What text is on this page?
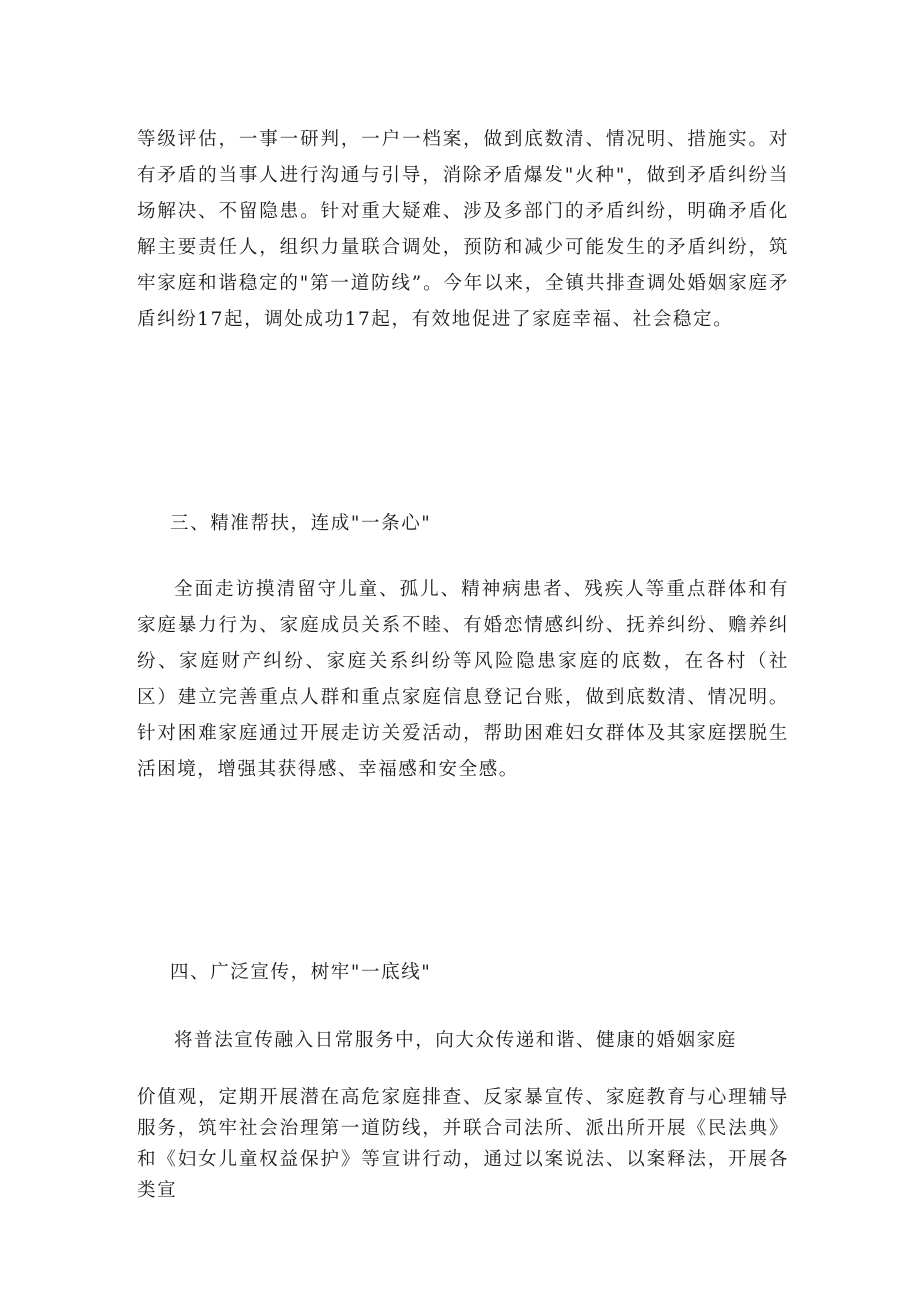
等级评估，一事一研判，一户一档案，做到底数清、情况明、措施实。对有矛盾的当事人进行沟通与引导，消除矛盾爆发"火种"，做到矛盾纠纷当场解决、不留隐患。针对重大疑难、涉及多部门的矛盾纠纷，明确矛盾化解主要责任人，组织力量联合调处，预防和减少可能发生的矛盾纠纷，筑牢家庭和谐稳定的"第一道防线”。今年以来，全镇共排查调处婚姻家庭矛盾纠纷17起，调处成功17起，有效地促进了家庭幸福、社会稳定。

三、精准帮扶，连成"一条心"

全面走访摸清留守儿童、孤儿、精神病患者、残疾人等重点群体和有家庭暴力行为、家庭成员关系不睦、有婚恋情感纠纷、抚养纠纷、赡养纠纷、家庭财产纠纷、家庭关系纠纷等风险隐患家庭的底数，在各村（社区）建立完善重点人群和重点家庭信息登记台账，做到底数清、情况明。针对困难家庭通过开展走访关爱活动，帮助困难妇女群体及其家庭摆脱生活困境，增强其获得感、幸福感和安全感。

四、广泛宣传，树牢"一底线"

将普法宣传融入日常服务中，向大众传递和谐、健康的婚姻家庭

价值观，定期开展潜在高危家庭排查、反家暴宣传、家庭教育与心理辅导服务，筑牢社会治理第一道防线，并联合司法所、派出所开展《民法典》和《妇女儿童权益保护》等宣讲行动，通过以案说法、以案释法，开展各类宣
